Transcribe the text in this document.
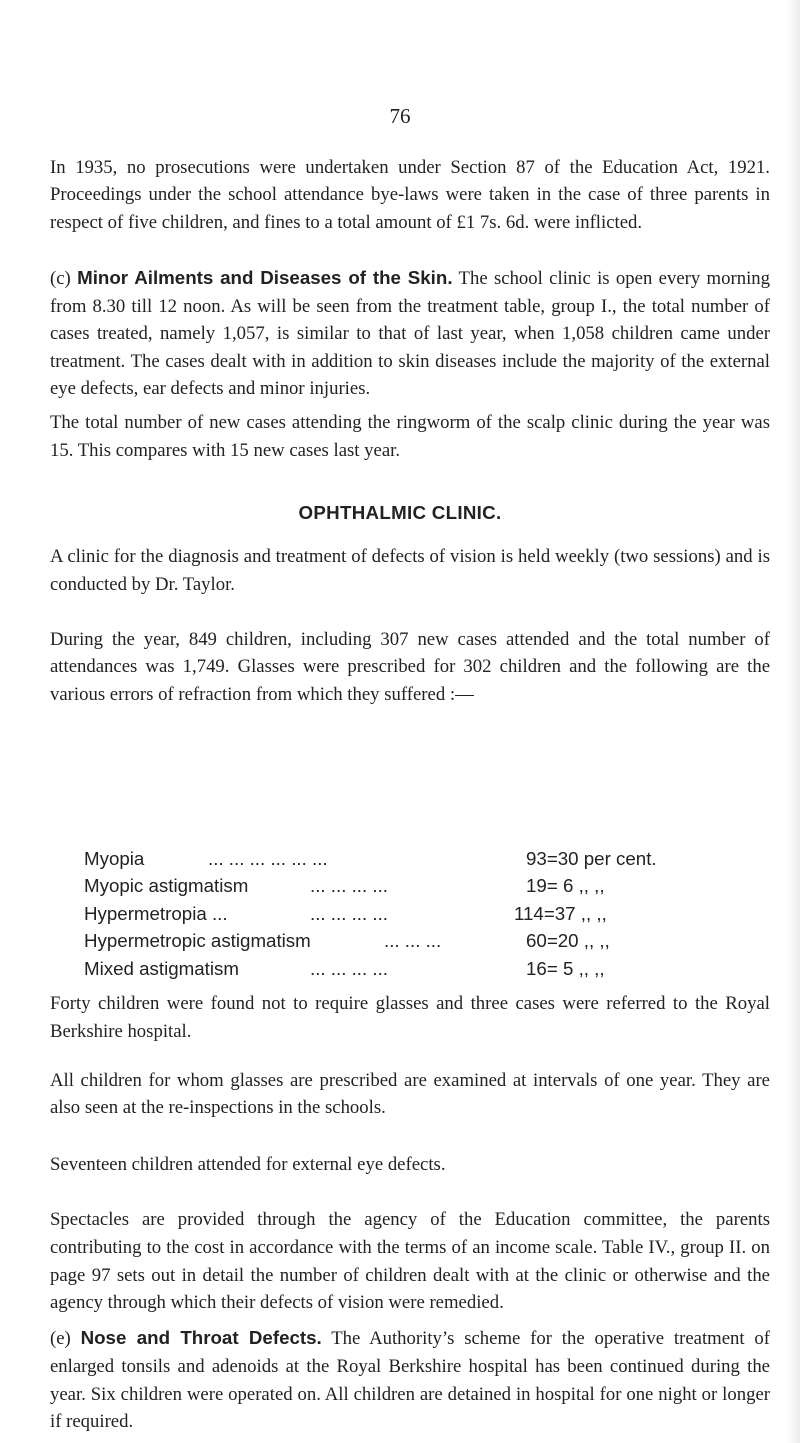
76

In 1935, no prosecutions were undertaken under Section 87 of the Education Act, 1921. Proceedings under the school attendance bye-laws were taken in the case of three parents in respect of five children, and fines to a total amount of £1 7s. 6d. were inflicted.

(c) Minor Ailments and Diseases of the Skin. The school clinic is open every morning from 8.30 till 12 noon. As will be seen from the treatment table, group I., the total number of cases treated, namely 1,057, is similar to that of last year, when 1,058 children came under treatment. The cases dealt with in addition to skin diseases include the majority of the external eye defects, ear defects and minor injuries.

The total number of new cases attending the ringworm of the scalp clinic during the year was 15. This compares with 15 new cases last year.

OPHTHALMIC CLINIC.

A clinic for the diagnosis and treatment of defects of vision is held weekly (two sessions) and is conducted by Dr. Taylor.

During the year, 849 children, including 307 new cases attended and the total number of attendances was 1,749. Glasses were prescribed for 302 children and the following are the various errors of refraction from which they suffered :—

Myopia	... ... ... ... ... ...	93=30 per cent.
Myopic astigmatism	... ... ... ...	19= 6 ,, ,,
Hypermetropia ...	... ... ... ...	114=37 ,, ,,
Hypermetropic astigmatism	... ... ...	60=20 ,, ,,
Mixed astigmatism	... ... ... ...	16= 5 ,, ,,

Forty children were found not to require glasses and three cases were referred to the Royal Berkshire hospital.

All children for whom glasses are prescribed are examined at intervals of one year. They are also seen at the re-inspections in the schools.

Seventeen children attended for external eye defects.

Spectacles are provided through the agency of the Education committee, the parents contributing to the cost in accordance with the terms of an income scale. Table IV., group II. on page 97 sets out in detail the number of children dealt with at the clinic or otherwise and the agency through which their defects of vision were remedied.

(e) Nose and Throat Defects. The Authority’s scheme for the operative treatment of enlarged tonsils and adenoids at the Royal Berkshire hospital has been continued during the year. Six children were operated on. All children are detained in hospital for one night or longer if required.
